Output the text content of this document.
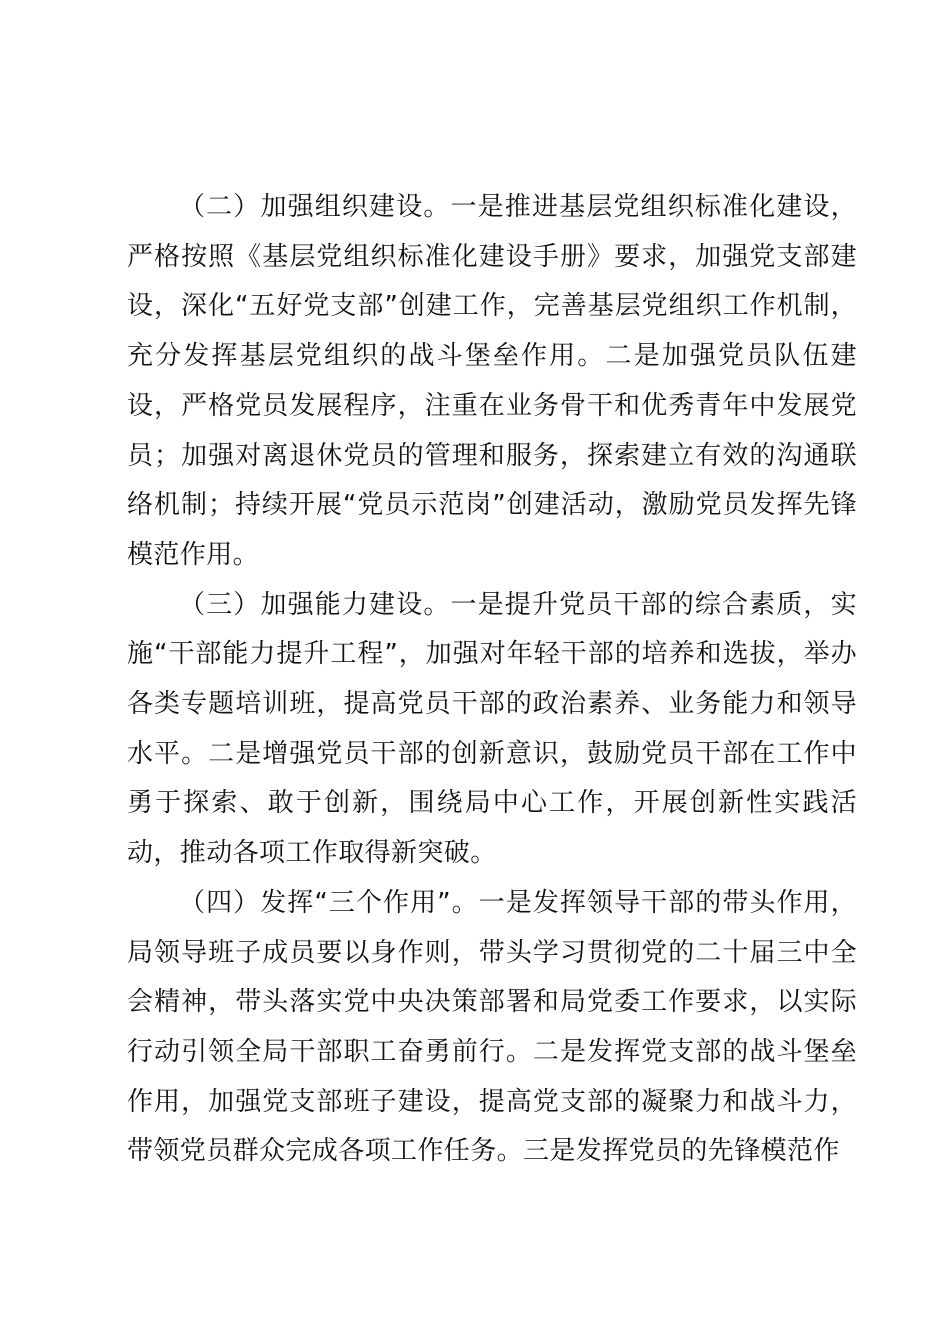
（二）加强组织建设。一是推进基层党组织标准化建设，严格按照《基层党组织标准化建设手册》要求，加强党支部建设，深化“五好党支部”创建工作，完善基层党组织工作机制，充分发挥基层党组织的战斗堡垒作用。二是加强党员队伍建设，严格党员发展程序，注重在业务骨干和优秀青年中发展党员；加强对离退休党员的管理和服务，探索建立有效的沟通联络机制；持续开展“党员示范岗”创建活动，激励党员发挥先锋模范作用。

（三）加强能力建设。一是提升党员干部的综合素质，实施“干部能力提升工程”，加强对年轻干部的培养和选拔，举办各类专题培训班，提高党员干部的政治素养、业务能力和领导水平。二是增强党员干部的创新意识，鼓励党员干部在工作中勇于探索、敢于创新，围绕局中心工作，开展创新性实践活动，推动各项工作取得新突破。

（四）发挥“三个作用”。一是发挥领导干部的带头作用，局领导班子成员要以身作则，带头学习贯彻党的二十届三中全会精神，带头落实党中央决策部署和局党委工作要求，以实际行动引领全局干部职工奋勇前行。二是发挥党支部的战斗堡垒作用，加强党支部班子建设，提高党支部的凝聚力和战斗力，带领党员群众完成各项工作任务。三是发挥党员的先锋模范作
